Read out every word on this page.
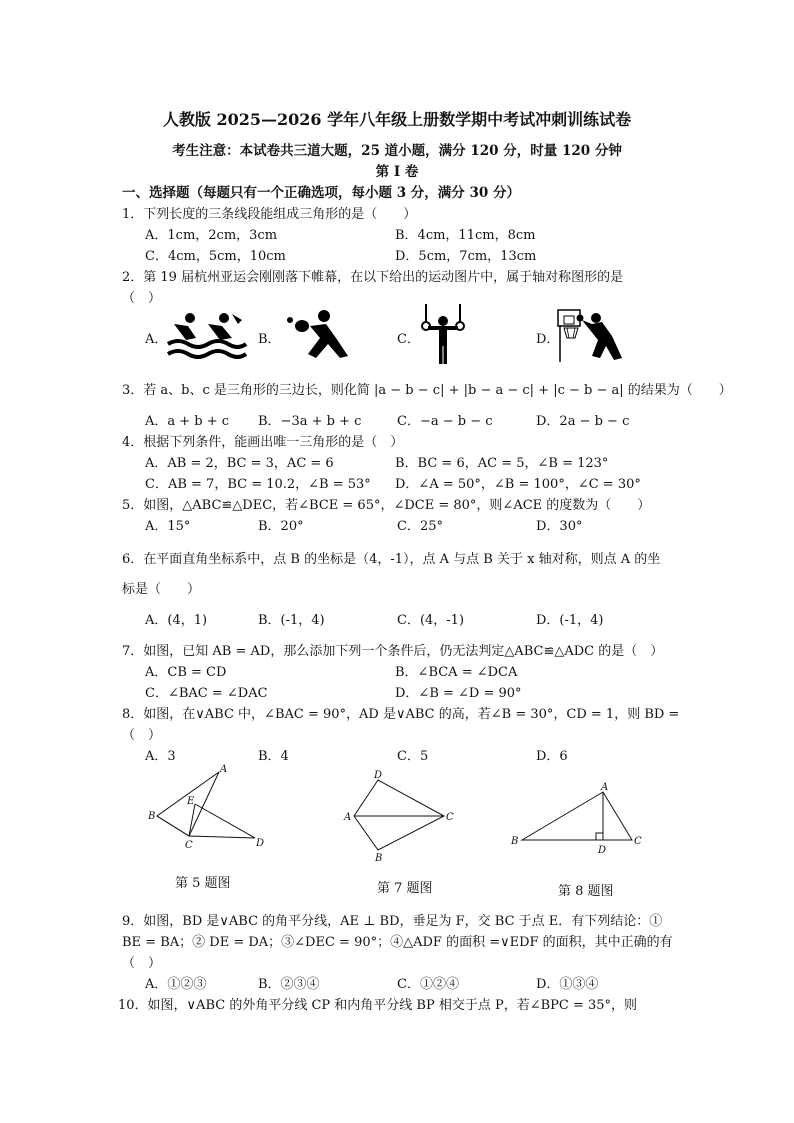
人教版 2025—2026 学年八年级上册数学期中考试冲刺训练试卷
考生注意：本试卷共三道大题，25 道小题，满分 120 分，时量 120 分钟
第 I 卷
一、选择题（每题只有一个正确选项，每小题 3 分，满分 30 分）
1．下列长度的三条线段能组成三角形的是（　　）
A．1cm，2cm，3cm	B．4cm，11cm，8cm
C．4cm，5cm，10cm	D．5cm，7cm，13cm
2．第 19 届杭州亚运会刚刚落下帷幕，在以下给出的运动图片中，属于轴对称图形的是
（　）
A．	B．	C．	D．
3．若 a、b、c 是三角形的三边长，则化简 |a − b − c| + |b − a − c| + |c − b − a| 的结果为（　　）
A．a + b + c B．−3a + b + c	C．−a − b − c	D．2a − b − c
4．根据下列条件，能画出唯一三角形的是（　）
A．AB = 2，BC = 3，AC = 6	B．BC = 6，AC = 5，∠B = 123°
C．AB = 7，BC = 10.2，∠B = 53° D．∠A = 50°，∠B = 100°，∠C = 30°
5．如图，△ABC≌△DEC，若∠BCE = 65°，∠DCE = 80°，则∠ACE 的度数为（　　）
A．15°	B．20°	C．25°	D．30°
6．在平面直角坐标系中，点 B 的坐标是（4，-1），点 A 与点 B 关于 x 轴对称，则点 A 的坐
标是（　　）
A．(4，1)	B．(-1，4)	C．(4，-1)	D．(-1，4)
7．如图，已知 AB = AD，那么添加下列一个条件后，仍无法判定△ABC≌△ADC 的是（　）
A．CB = CD	B．∠BCA = ∠DCA
C．∠BAC = ∠DAC	D．∠B = ∠D = 90°
8．如图，在∨ABC 中，∠BAC = 90°，AD 是∨ABC 的高，若∠B = 30°，CD = 1，则 BD =
（　）
A．3	B．4	C．5	D．6
A
B
C	D
E
第 5 题图
A
B
C
D
第 7 题图
A
B	C
D
第 8 题图
9．如图，BD 是∨ABC 的角平分线，AE ⊥ BD，垂足为 F，交 BC 于点 E．有下列结论：①
BE = BA；② DE = DA；③∠DEC = 90°；④△ADF 的面积 =∨EDF 的面积，其中正确的有
（　）
A．①②③	B．②③④	C．①②④	D．①③④
10．如图，∨ABC 的外角平分线 CP 和内角平分线 BP 相交于点 P，若∠BPC = 35°，则
